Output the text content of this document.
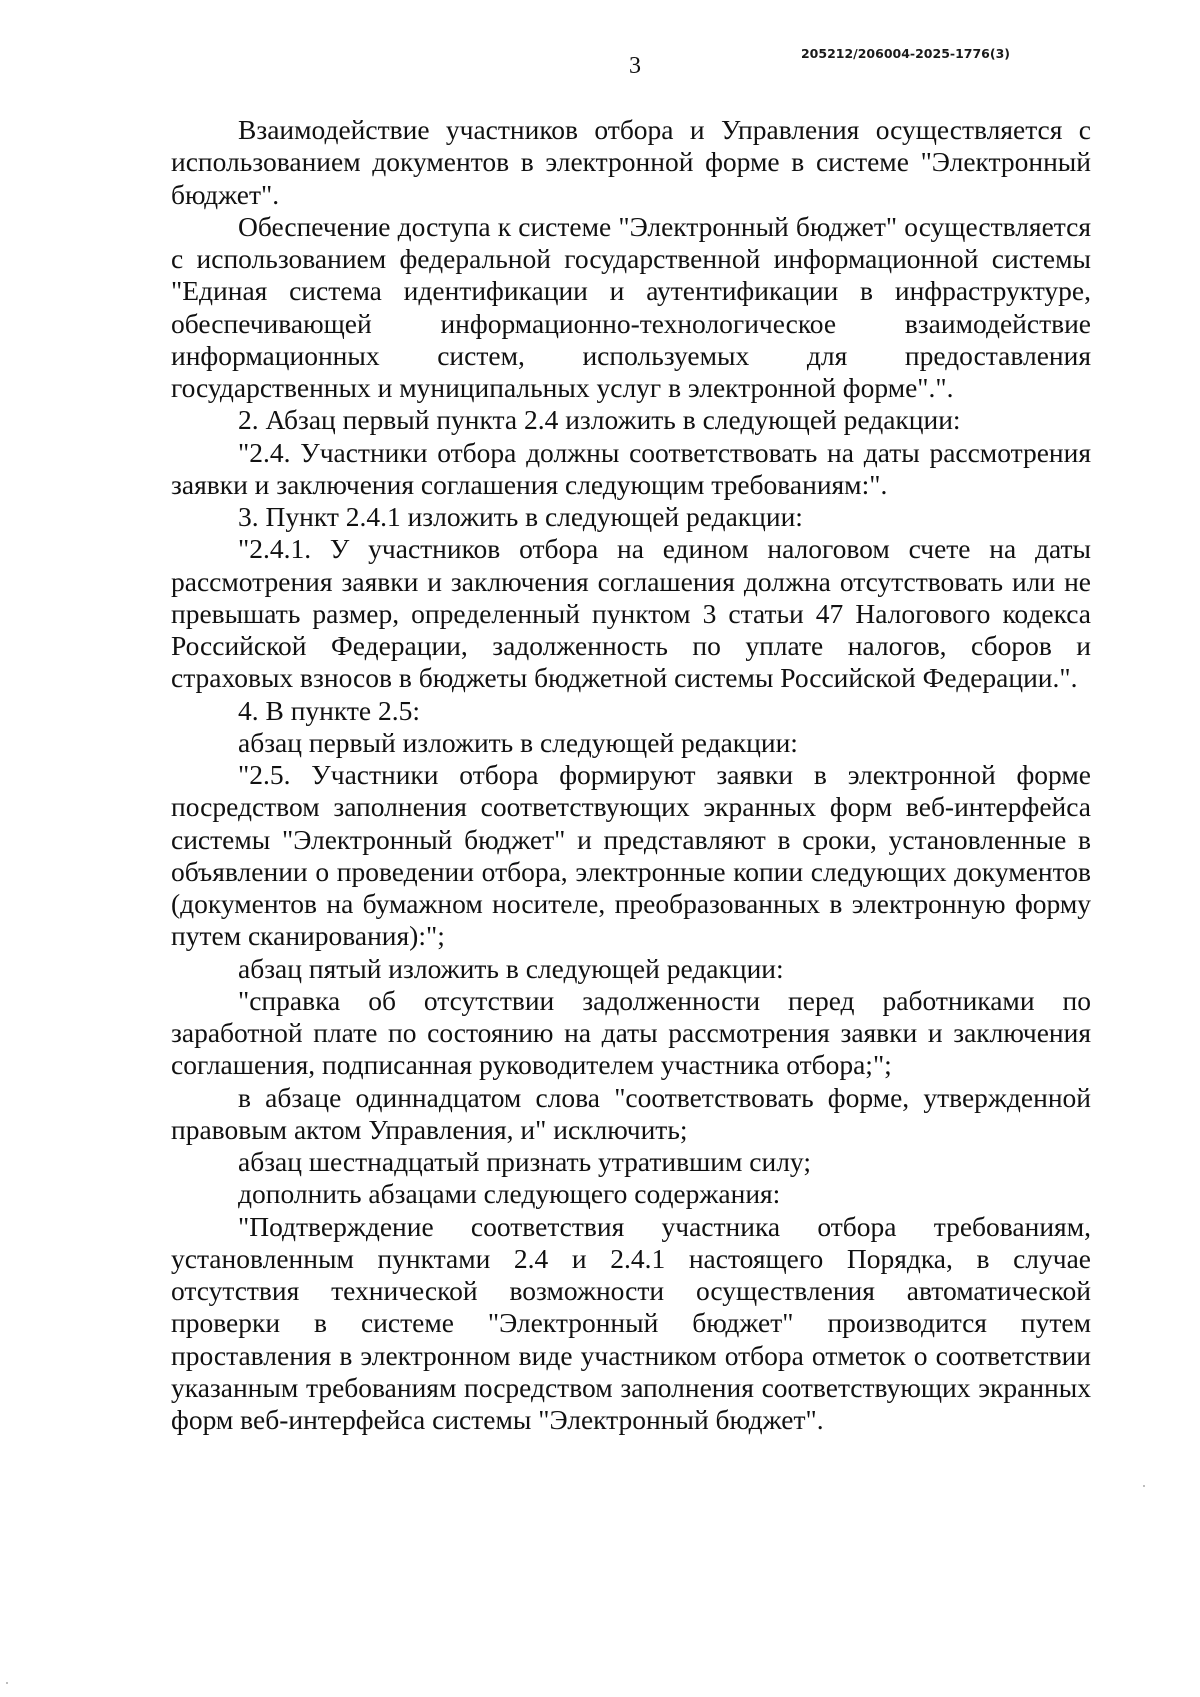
3	205212/206004-2025-1776(3)

Взаимодействие участников отбора и Управления осуществляется с использованием документов в электронной форме в системе "Электронный бюджет".

Обеспечение доступа к системе "Электронный бюджет" осуществляется с использованием федеральной государственной информационной системы "Единая система идентификации и аутентификации в инфраструктуре, обеспечивающей информационно-технологическое взаимодействие информационных систем, используемых для предоставления государственных и муниципальных услуг в электронной форме".".

2. Абзац первый пункта 2.4 изложить в следующей редакции:

"2.4. Участники отбора должны соответствовать на даты рассмотрения заявки и заключения соглашения следующим требованиям:".

3. Пункт 2.4.1 изложить в следующей редакции:

"2.4.1. У участников отбора на едином налоговом счете на даты рассмотрения заявки и заключения соглашения должна отсутствовать или не превышать размер, определенный пунктом 3 статьи 47 Налогового кодекса Российской Федерации, задолженность по уплате налогов, сборов и страховых взносов в бюджеты бюджетной системы Российской Федерации.".

4. В пункте 2.5:

абзац первый изложить в следующей редакции:

"2.5. Участники отбора формируют заявки в электронной форме посредством заполнения соответствующих экранных форм веб-интерфейса системы "Электронный бюджет" и представляют в сроки, установленные в объявлении о проведении отбора, электронные копии следующих документов (документов на бумажном носителе, преобразованных в электронную форму путем сканирования):";

абзац пятый изложить в следующей редакции:

"справка об отсутствии задолженности перед работниками по заработной плате по состоянию на даты рассмотрения заявки и заключения соглашения, подписанная руководителем участника отбора;";

в абзаце одиннадцатом слова "соответствовать форме, утвержденной правовым актом Управления, и" исключить;

абзац шестнадцатый признать утратившим силу;

дополнить абзацами следующего содержания:

"Подтверждение соответствия участника отбора требованиям, установленным пунктами 2.4 и 2.4.1 настоящего Порядка, в случае отсутствия технической возможности осуществления автоматической проверки в системе "Электронный бюджет" производится путем проставления в электронном виде участником отбора отметок о соответствии указанным требованиям посредством заполнения соответствующих экранных форм веб-интерфейса системы "Электронный бюджет".
